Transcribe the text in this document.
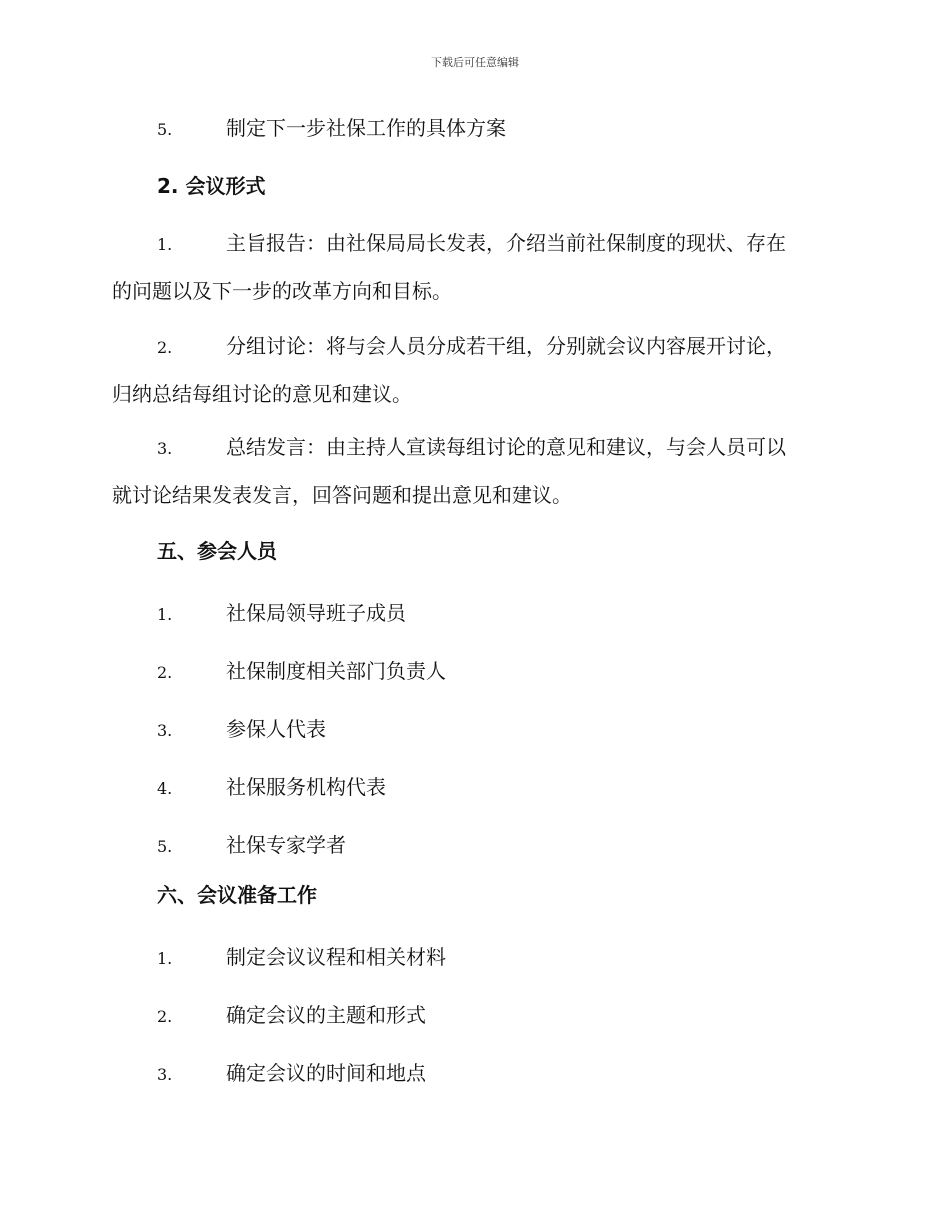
下载后可任意编辑

5.	制定下一步社保工作的具体方案

2. 会议形式

1.	主旨报告：由社保局局长发表，介绍当前社保制度的现状、存在

的问题以及下一步的改革方向和目标。

2.	分组讨论：将与会人员分成若干组，分别就会议内容展开讨论，

归纳总结每组讨论的意见和建议。

3.	总结发言：由主持人宣读每组讨论的意见和建议，与会人员可以

就讨论结果发表发言，回答问题和提出意见和建议。

五、参会人员

1.	社保局领导班子成员

2.	社保制度相关部门负责人

3.	参保人代表

4.	社保服务机构代表

5.	社保专家学者

六、会议准备工作

1.	制定会议议程和相关材料

2.	确定会议的主题和形式

3.	确定会议的时间和地点
